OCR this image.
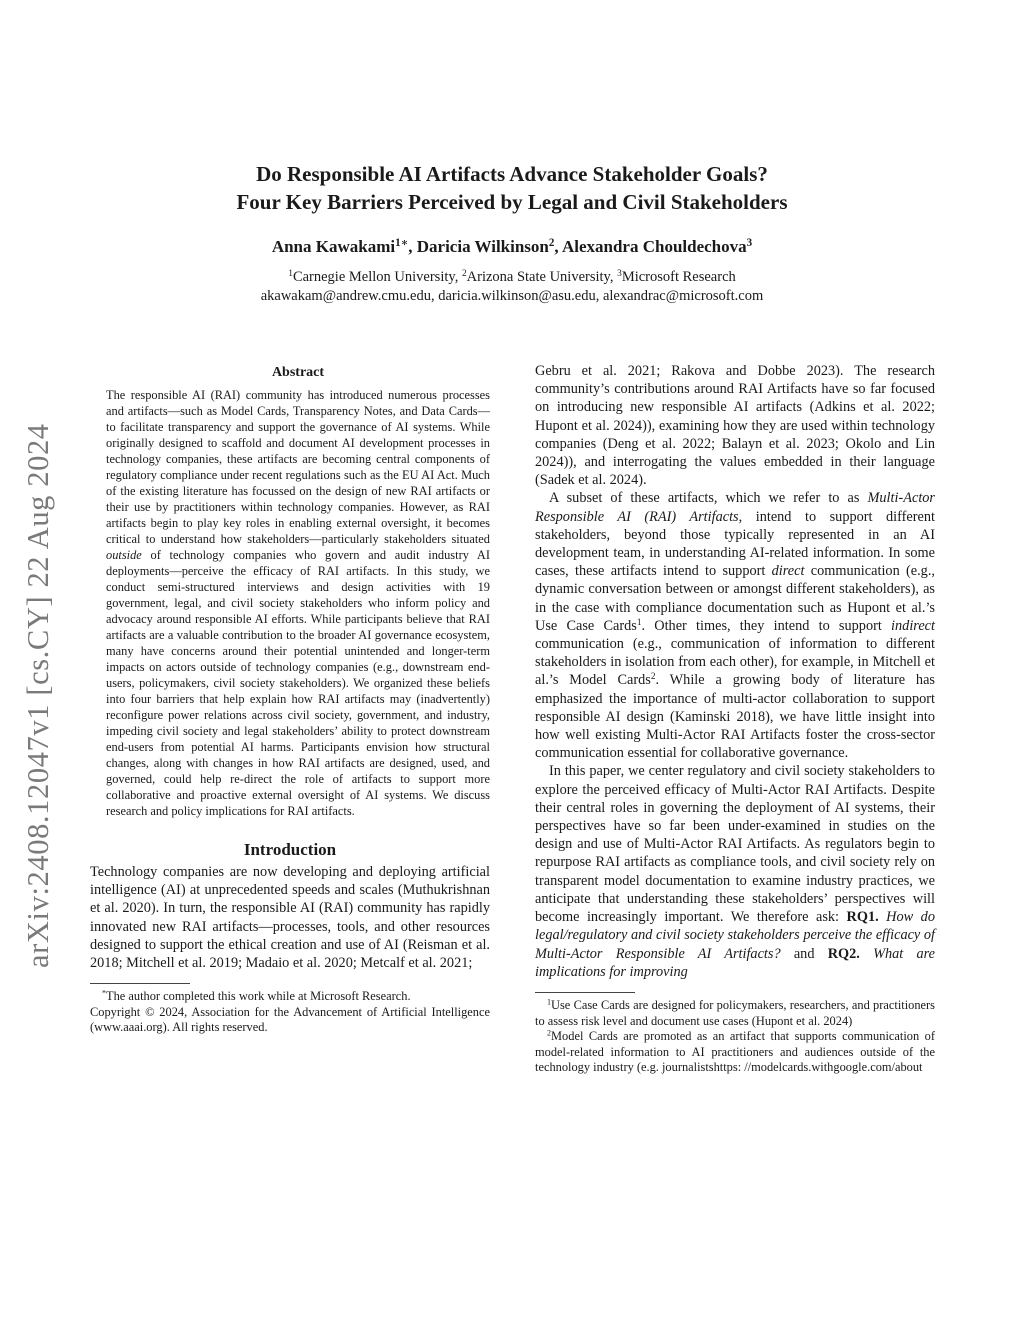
Do Responsible AI Artifacts Advance Stakeholder Goals?
Four Key Barriers Perceived by Legal and Civil Stakeholders
Anna Kawakami$^{1∗}$, Daricia Wilkinson$^2$, Alexandra Chouldechova$^3$
$^1$Carnegie Mellon University, $^2$Arizona State University, $^3$Microsoft Research
akawakam@andrew.cmu.edu, daricia.wilkinson@asu.edu, alexandrac@microsoft.com
arXiv:2408.12047v1 [cs.CY] 22 Aug 2024
Abstract

The responsible AI (RAI) community has introduced numerous processes and artifacts—such as Model Cards, Transparency Notes, and Data Cards—to facilitate transparency and support the governance of AI systems. While originally designed to scaffold and document AI development processes in technology companies, these artifacts are becoming central components of regulatory compliance under recent regulations such as the EU AI Act. Much of the existing literature has focussed on the design of new RAI artifacts or their use by practitioners within technology companies. However, as RAI artifacts begin to play key roles in enabling external oversight, it becomes critical to understand how stakeholders—particularly stakeholders situated outside of technology companies who govern and audit industry AI deployments—perceive the efficacy of RAI artifacts. In this study, we conduct semi-structured interviews and design activities with 19 government, legal, and civil society stakeholders who inform policy and advocacy around responsible AI efforts. While participants believe that RAI artifacts are a valuable contribution to the broader AI governance ecosystem, many have concerns around their potential unintended and longer-term impacts on actors outside of technology companies (e.g., downstream end-users, policymakers, civil society stakeholders). We organized these beliefs into four barriers that help explain how RAI artifacts may (inadvertently) reconfigure power relations across civil society, government, and industry, impeding civil society and legal stakeholders’ ability to protect downstream end-users from potential AI harms. Participants envision how structural changes, along with changes in how RAI artifacts are designed, used, and governed, could help re-direct the role of artifacts to support more collaborative and proactive external oversight of AI systems. We discuss research and policy implications for RAI artifacts.

Introduction

Technology companies are now developing and deploying artificial intelligence (AI) at unprecedented speeds and scales (Muthukrishnan et al. 2020). In turn, the responsible AI (RAI) community has rapidly innovated new RAI artifacts—processes, tools, and other resources designed to support the ethical creation and use of AI (Reisman et al. 2018; Mitchell et al. 2019; Madaio et al. 2020; Metcalf et al. 2021;

*The author completed this work while at Microsoft Research.

Copyright © 2024, Association for the Advancement of Artificial Intelligence (www.aaai.org). All rights reserved.

Gebru et al. 2021; Rakova and Dobbe 2023). The research community’s contributions around RAI Artifacts have so far focused on introducing new responsible AI artifacts (Adkins et al. 2022; Hupont et al. 2024)), examining how they are used within technology companies (Deng et al. 2022; Balayn et al. 2023; Okolo and Lin 2024)), and interrogating the values embedded in their language (Sadek et al. 2024).

A subset of these artifacts, which we refer to as Multi-Actor Responsible AI (RAI) Artifacts, intend to support different stakeholders, beyond those typically represented in an AI development team, in understanding AI-related information. In some cases, these artifacts intend to support direct communication (e.g., dynamic conversation between or amongst different stakeholders), as in the case with compliance documentation such as Hupont et al.’s Use Case Cards$^1$. Other times, they intend to support indirect communication (e.g., communication of information to different stakeholders in isolation from each other), for example, in Mitchell et al.’s Model Cards$^2$. While a growing body of literature has emphasized the importance of multi-actor collaboration to support responsible AI design (Kaminski 2018), we have little insight into how well existing Multi-Actor RAI Artifacts foster the cross-sector communication essential for collaborative governance.

In this paper, we center regulatory and civil society stakeholders to explore the perceived efficacy of Multi-Actor RAI Artifacts. Despite their central roles in governing the deployment of AI systems, their perspectives have so far been under-examined in studies on the design and use of Multi-Actor RAI Artifacts. As regulators begin to repurpose RAI artifacts as compliance tools, and civil society rely on transparent model documentation to examine industry practices, we anticipate that understanding these stakeholders’ perspectives will become increasingly important. We therefore ask: RQ1. How do legal/regulatory and civil society stakeholders perceive the efficacy of Multi-Actor Responsible AI Artifacts? and RQ2. What are implications for improving

$^1$Use Case Cards are designed for policymakers, researchers, and practitioners to assess risk level and document use cases (Hupont et al. 2024)

$^2$Model Cards are promoted as an artifact that supports communication of model-related information to AI practitioners and audiences outside of the technology industry (e.g. journalistshttps: //modelcards.withgoogle.com/about
